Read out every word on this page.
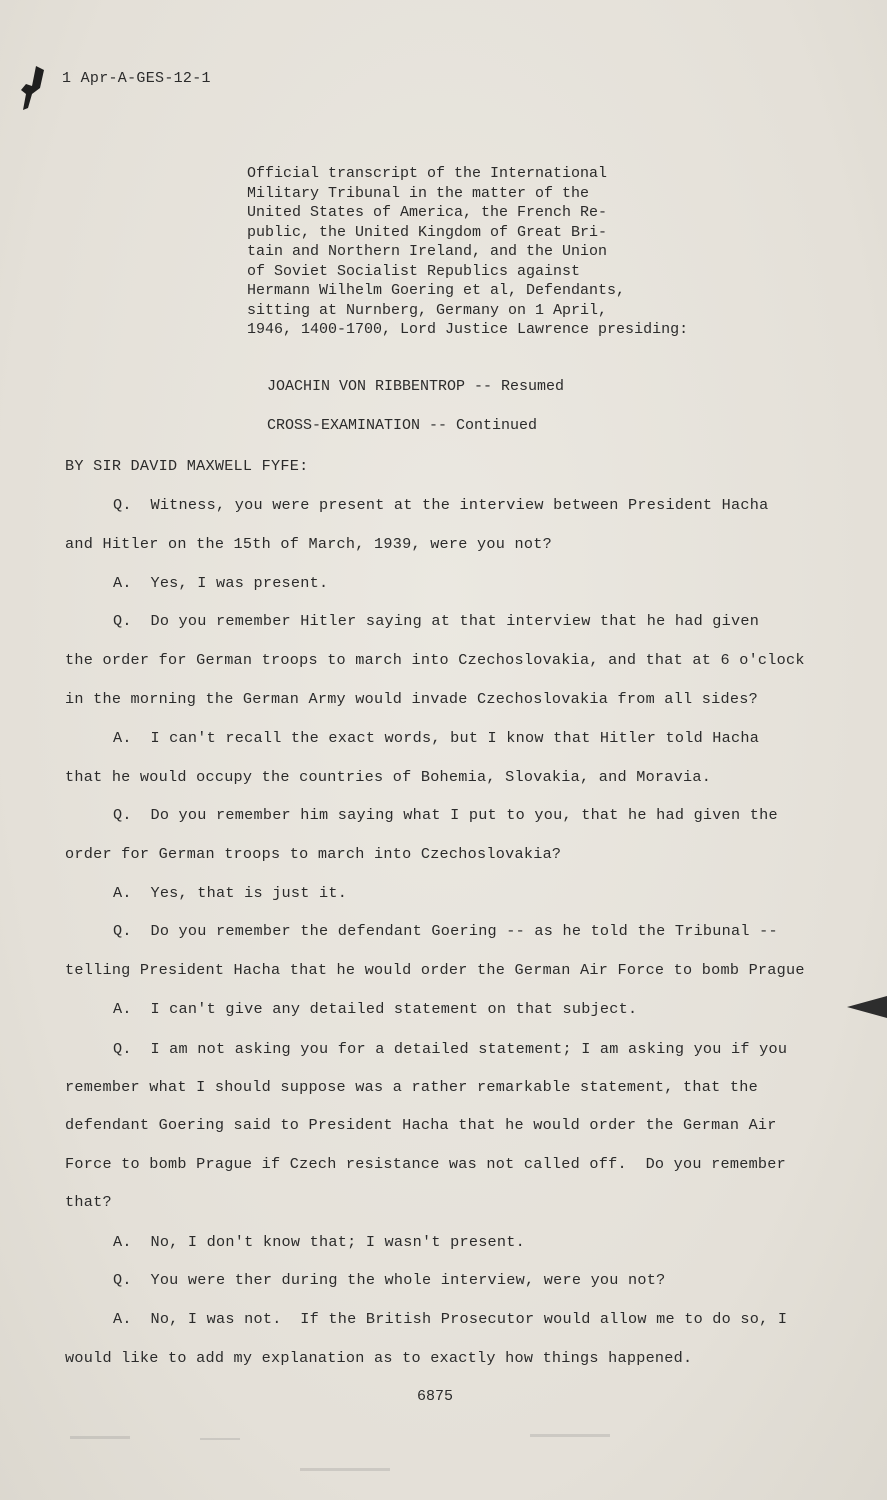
1 Apr-A-GES-12-1
Official transcript of the International
Military Tribunal in the matter of the
United States of America, the French Re-
public, the United Kingdom of Great Bri-
tain and Northern Ireland, and the Union
of Soviet Socialist Republics against
Hermann Wilhelm Goering et al, Defendants,
sitting at Nurnberg, Germany on 1 April,
1946, 1400-1700, Lord Justice Lawrence presiding:
JOACHIN VON RIBBENTROP -- Resumed
CROSS-EXAMINATION -- Continued
BY SIR DAVID MAXWELL FYFE:
Q.  Witness, you were present at the interview between President Hacha
and Hitler on the 15th of March, 1939, were you not?
A.  Yes, I was present.
Q.  Do you remember Hitler saying at that interview that he had given
the order for German troops to march into Czechoslovakia, and that at 6 o'clock
in the morning the German Army would invade Czechoslovakia from all sides?
A.  I can't recall the exact words, but I know that Hitler told Hacha
that he would occupy the countries of Bohemia, Slovakia, and Moravia.
Q.  Do you remember him saying what I put to you, that he had given the
order for German troops to march into Czechoslovakia?
A.  Yes, that is just it.
Q.  Do you remember the defendant Goering -- as he told the Tribunal --
telling President Hacha that he would order the German Air Force to bomb Prague
A.  I can't give any detailed statement on that subject.
Q.  I am not asking you for a detailed statement; I am asking you if you
remember what I should suppose was a rather remarkable statement, that the
defendant Goering said to President Hacha that he would order the German Air
Force to bomb Prague if Czech resistance was not called off.  Do you remember
that?
A.  No, I don't know that; I wasn't present.
Q.  You were ther during the whole interview, were you not?
A.  No, I was not.  If the British Prosecutor would allow me to do so, I
would like to add my explanation as to exactly how things happened.
6875
